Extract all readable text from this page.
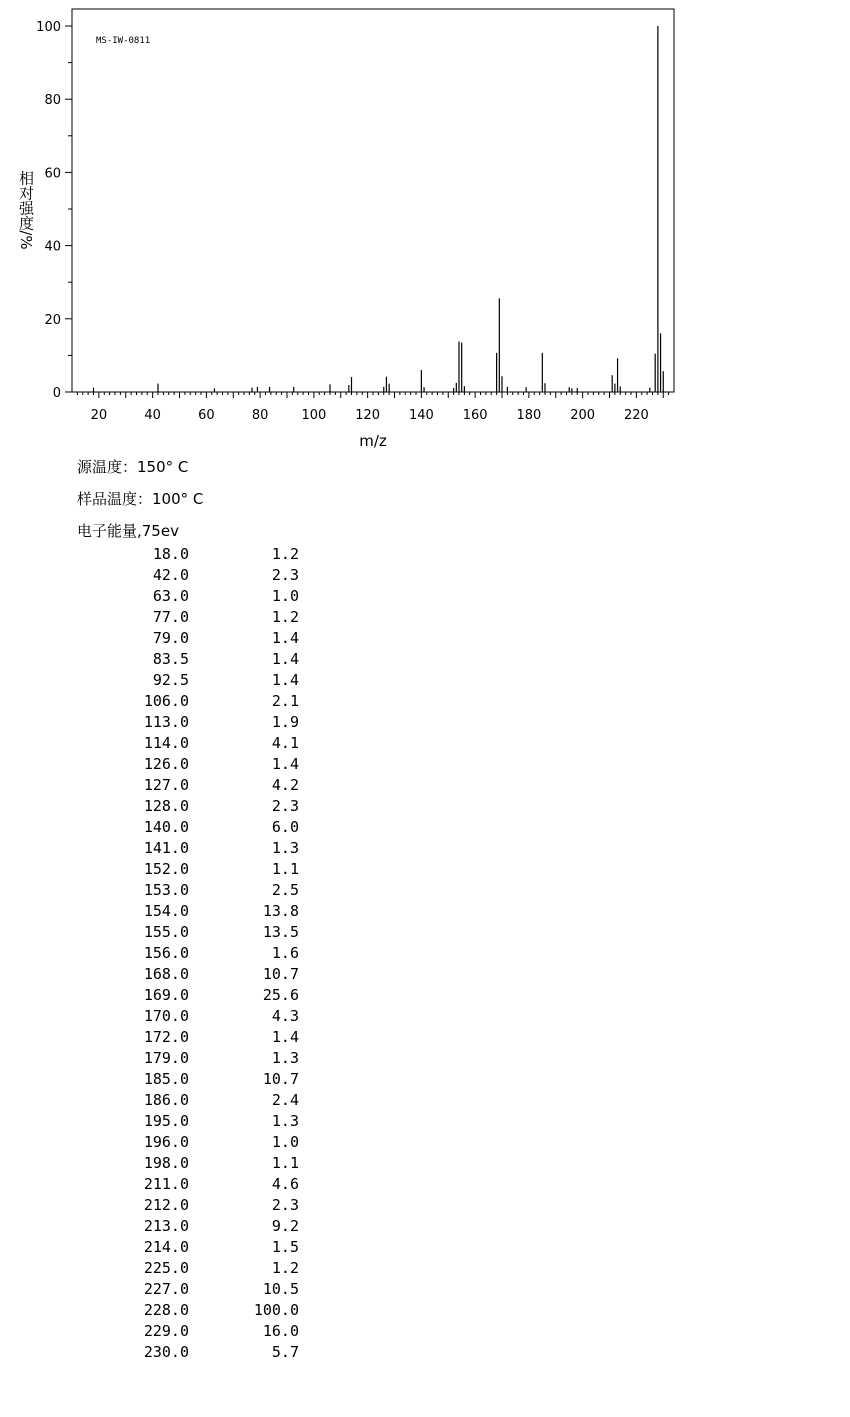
MS-IW-0811
m/z
相对强度/%
20	40	60	80	100 120 140 160 180 200 220
0
20
40
60
80
100
源温度：150° C
样品温度：100° C
电子能量,75ev
18.0	1.2
42.0	2.3
63.0	1.0
77.0	1.2
79.0	1.4
83.5	1.4
92.5	1.4
106.0	2.1
113.0	1.9
114.0	4.1
126.0	1.4
127.0	4.2
128.0	2.3
140.0	6.0
141.0	1.3
152.0	1.1
153.0	2.5
154.0	13.8
155.0	13.5
156.0	1.6
168.0	10.7
169.0	25.6
170.0	4.3
172.0	1.4
179.0	1.3
185.0	10.7
186.0	2.4
195.0	1.3
196.0	1.0
198.0	1.1
211.0	4.6
212.0	2.3
213.0	9.2
214.0	1.5
225.0	1.2
227.0	10.5
228.0	100.0
229.0	16.0
230.0	5.7
